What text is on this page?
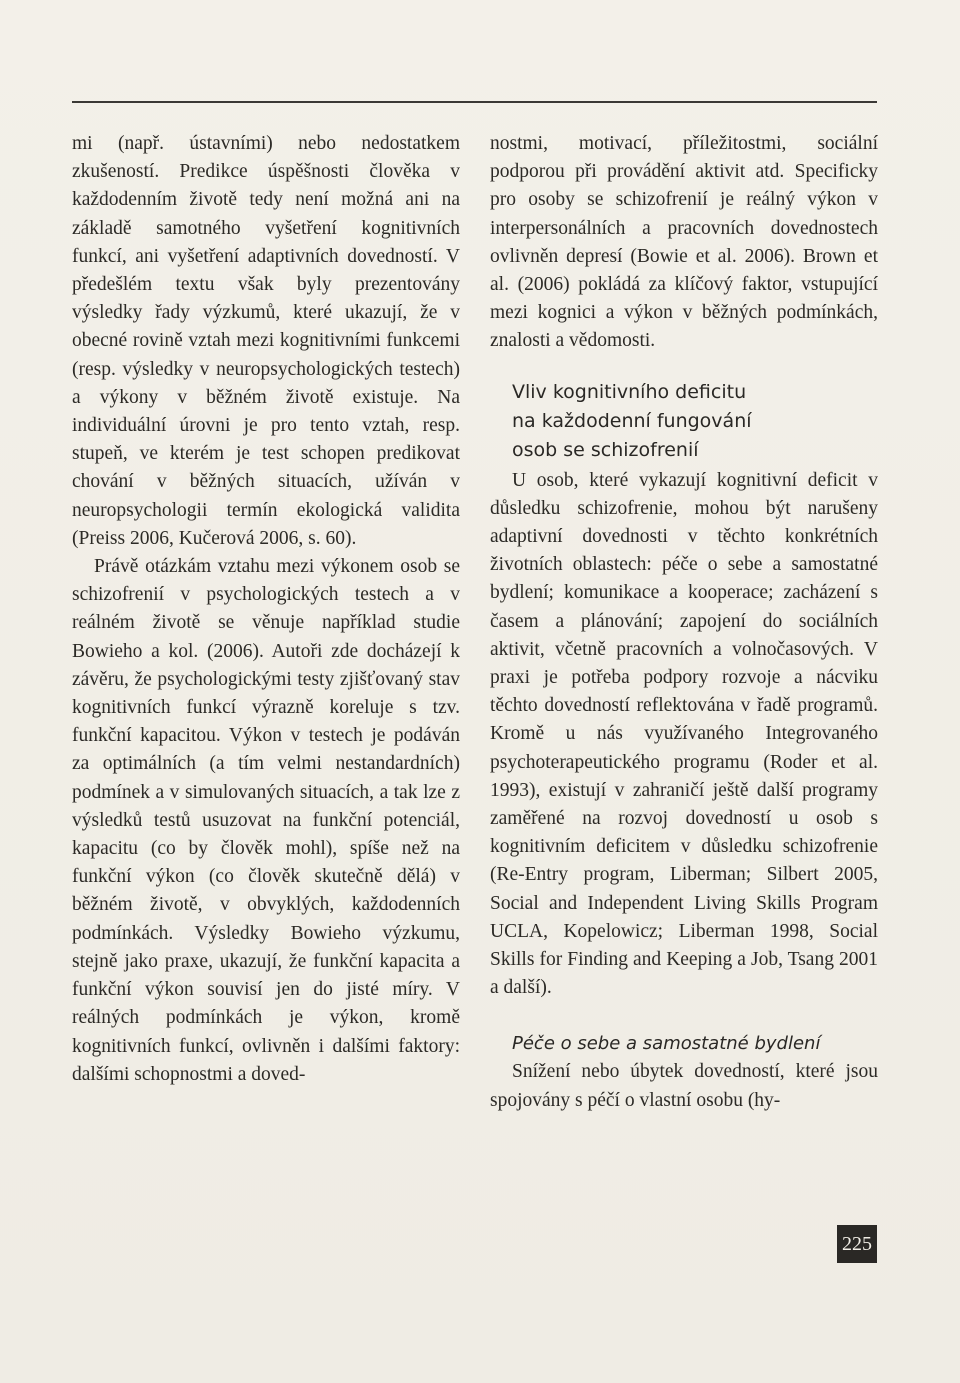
mi (např. ústavními) nebo nedostatkem zkušeností. Predikce úspěšnosti člověka v každodenním životě tedy není možná ani na základě samotného vyšetření kognitivních funkcí, ani vyšetření adaptivních dovedností. V předešlém textu však byly prezentovány výsledky řady výzkumů, které ukazují, že v obecné rovině vztah mezi kognitivními funkcemi (resp. výsledky v neuropsychologických testech) a výkony v běžném životě existuje. Na individuální úrovni je pro tento vztah, resp. stupeň, ve kterém je test schopen predikovat chování v běžných situacích, užíván v neuropsychologii termín ekologická validita (Preiss 2006, Kučerová 2006, s. 60).

Právě otázkám vztahu mezi výkonem osob se schizofrenií v psychologických testech a v reálném životě se věnuje například studie Bowieho a kol. (2006). Autoři zde docházejí k závěru, že psychologickými testy zjišťovaný stav kognitivních funkcí výrazně koreluje s tzv. funkční kapacitou. Výkon v testech je podáván za optimálních (a tím velmi nestandardních) podmínek a v simulovaných situacích, a tak lze z výsledků testů usuzovat na funkční potenciál, kapacitu (co by člověk mohl), spíše než na funkční výkon (co člověk skutečně dělá) v běžném životě, v obvyklých, každodenních podmínkách. Výsledky Bowieho výzkumu, stejně jako praxe, ukazují, že funkční kapacita a funkční výkon souvisí jen do jisté míry. V reálných podmínkách je výkon, kromě kognitivních funkcí, ovlivněn i dalšími faktory: dalšími schopnostmi a doved-

nostmi, motivací, příležitostmi, sociální podporou při provádění aktivit atd. Specificky pro osoby se schizofrenií je reálný výkon v interpersonálních a pracovních dovednostech ovlivněn depresí (Bowie et al. 2006). Brown et al. (2006) pokládá za klíčový faktor, vstupující mezi kognici a výkon v běžných podmínkách, znalosti a vědomosti.

Vliv kognitivního deficitu
na každodenní fungování
osob se schizofrenií

U osob, které vykazují kognitivní deficit v důsledku schizofrenie, mohou být narušeny adaptivní dovednosti v těchto konkrétních životních oblastech: péče o sebe a samostatné bydlení; komunikace a kooperace; zacházení s časem a plánování; zapojení do sociálních aktivit, včetně pracovních a volnočasových. V praxi je potřeba podpory rozvoje a nácviku těchto dovedností reflektována v řadě programů. Kromě u nás využívaného Integrovaného psychoterapeutického programu (Roder et al. 1993), existují v zahraničí ještě další programy zaměřené na rozvoj dovedností u osob s kognitivním deficitem v důsledku schizofrenie (Re-Entry program, Liberman; Silbert 2005, Social and Independent Living Skills Program UCLA, Kopelowicz; Liberman 1998, Social Skills for Finding and Keeping a Job, Tsang 2001 a další).

Péče o sebe a samostatné bydlení

Snížení nebo úbytek dovedností, které jsou spojovány s péčí o vlastní osobu (hy-

225
